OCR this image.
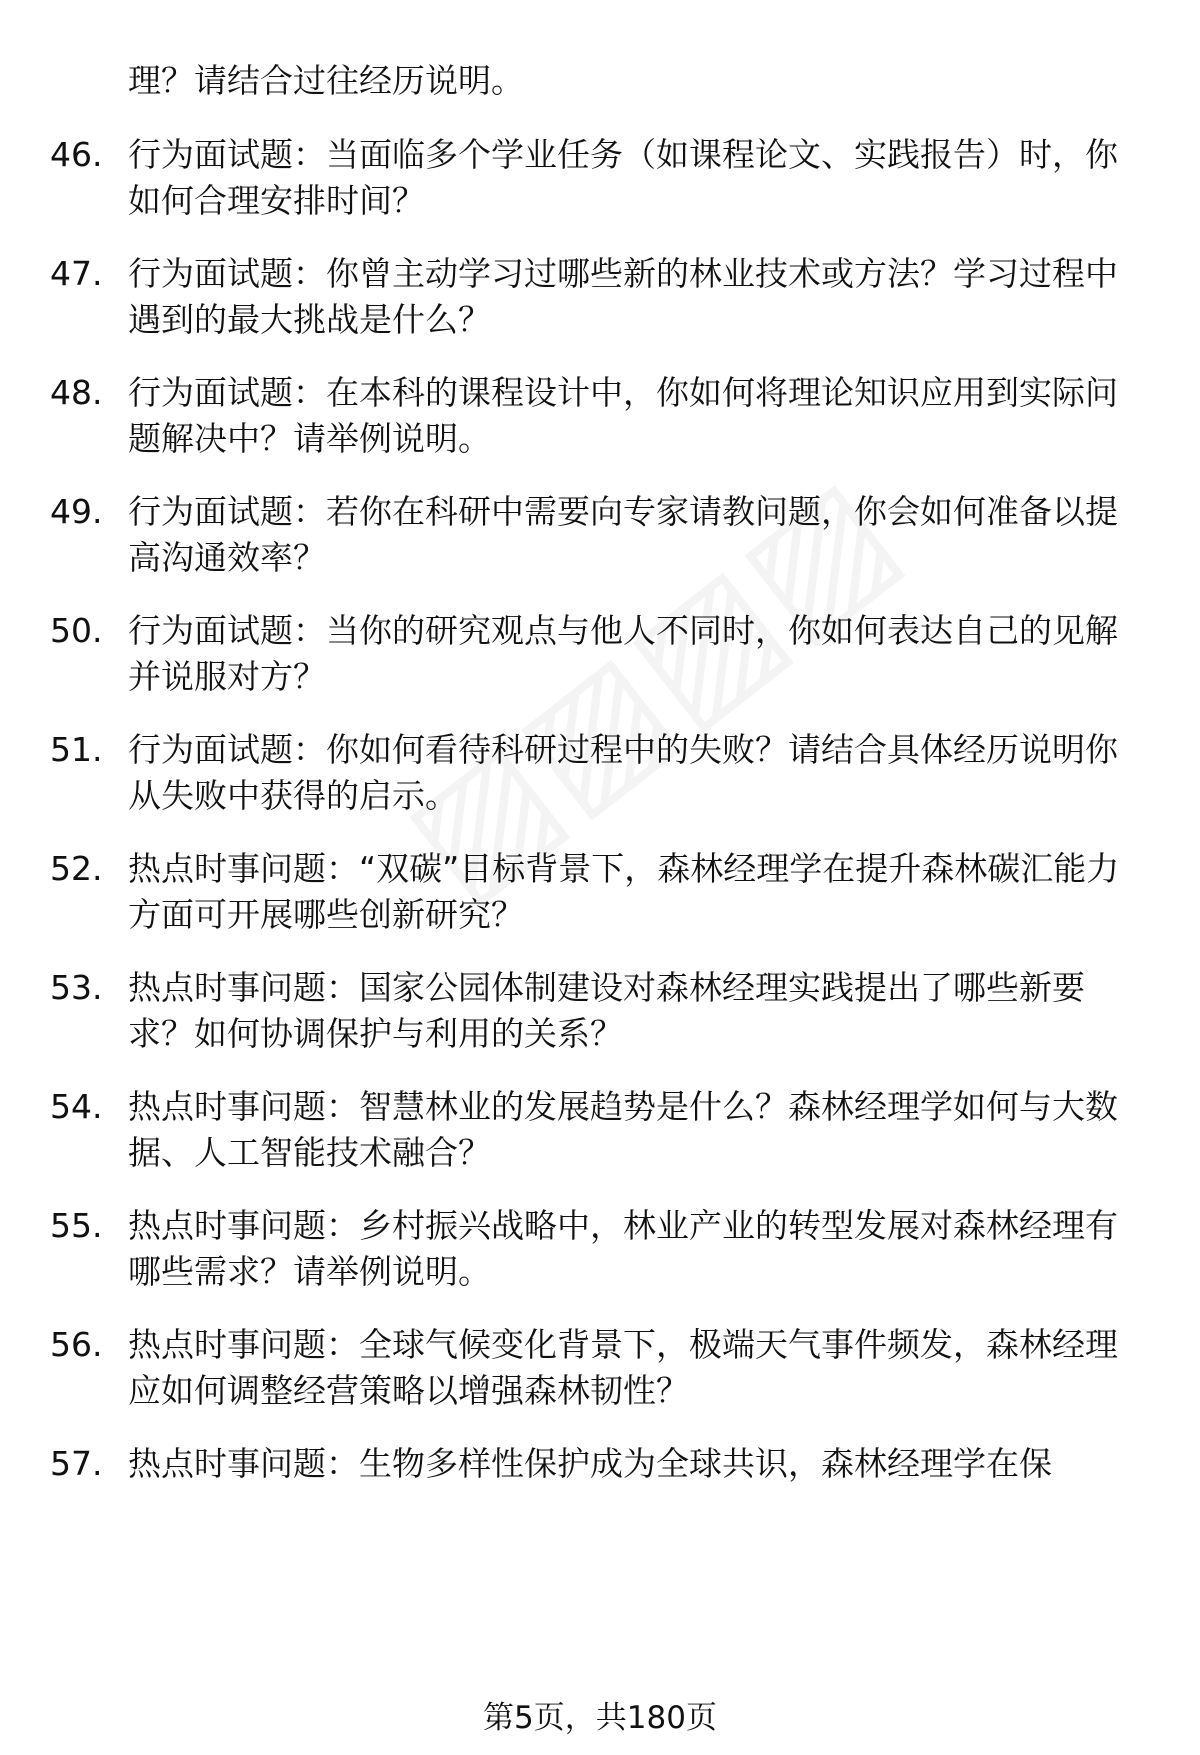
理？请结合过往经历说明。
46. 行为面试题：当面临多个学业任务（如课程论文、实践报告）时，你如何合理安排时间？
47. 行为面试题：你曾主动学习过哪些新的林业技术或方法？学习过程中遇到的最大挑战是什么？
48. 行为面试题：在本科的课程设计中，你如何将理论知识应用到实际问题解决中？请举例说明。
49. 行为面试题：若你在科研中需要向专家请教问题，你会如何准备以提高沟通效率？
50. 行为面试题：当你的研究观点与他人不同时，你如何表达自己的见解并说服对方？
51. 行为面试题：你如何看待科研过程中的失败？请结合具体经历说明你从失败中获得的启示。
52. 热点时事问题：“双碳”目标背景下，森林经理学在提升森林碳汇能力方面可开展哪些创新研究？
53. 热点时事问题：国家公园体制建设对森林经理实践提出了哪些新要求？如何协调保护与利用的关系？
54. 热点时事问题：智慧林业的发展趋势是什么？森林经理学如何与大数据、人工智能技术融合？
55. 热点时事问题：乡村振兴战略中，林业产业的转型发展对森林经理有哪些需求？请举例说明。
56. 热点时事问题：全球气候变化背景下，极端天气事件频发，森林经理应如何调整经营策略以增强森林韧性？
57. 热点时事问题：生物多样性保护成为全球共识，森林经理学在保
第5页，共180页
